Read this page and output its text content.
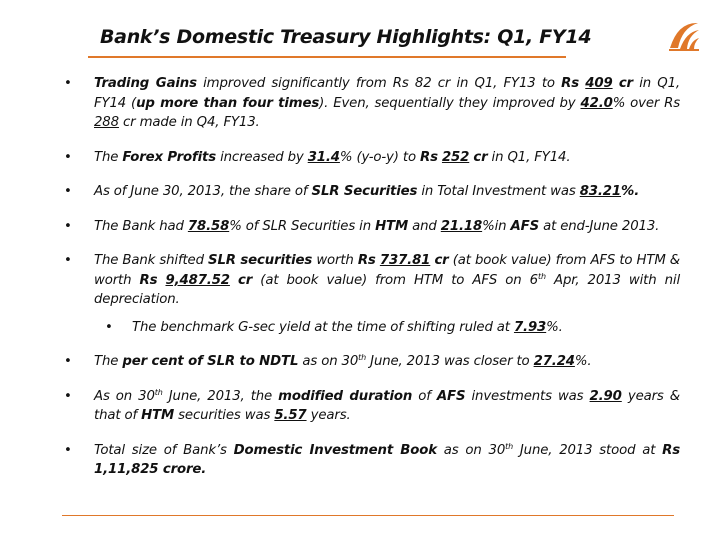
Bank’s Domestic Treasury Highlights: Q1, FY14
• Trading Gains improved significantly from Rs 82 cr in Q1, FY13 to Rs 409 cr in Q1, FY14 (up more than four times). Even, sequentially they improved by 42.0% over Rs 288 cr made in Q4, FY13.
• The Forex Profits increased by 31.4% (y-o-y) to Rs 252 cr in Q1, FY14.
• As of June 30, 2013, the share of SLR Securities in Total Investment was 83.21%.
• The Bank had 78.58% of SLR Securities in HTM and 21.18%in AFS at end-June 2013.
• The Bank shifted SLR securities worth Rs 737.81 cr (at book value) from AFS to HTM & worth Rs 9,487.52 cr (at book value) from HTM to AFS on 6th Apr, 2013 with nil depreciation.
• The benchmark G-sec yield at the time of shifting ruled at 7.93%.
• The per cent of SLR to NDTL as on 30th June, 2013 was closer to 27.24%.
• As on 30th June, 2013, the modified duration of AFS investments was 2.90 years & that of HTM securities was 5.57 years.
• Total size of Bank’s Domestic Investment Book as on 30th June, 2013 stood at Rs 1,11,825 crore.
